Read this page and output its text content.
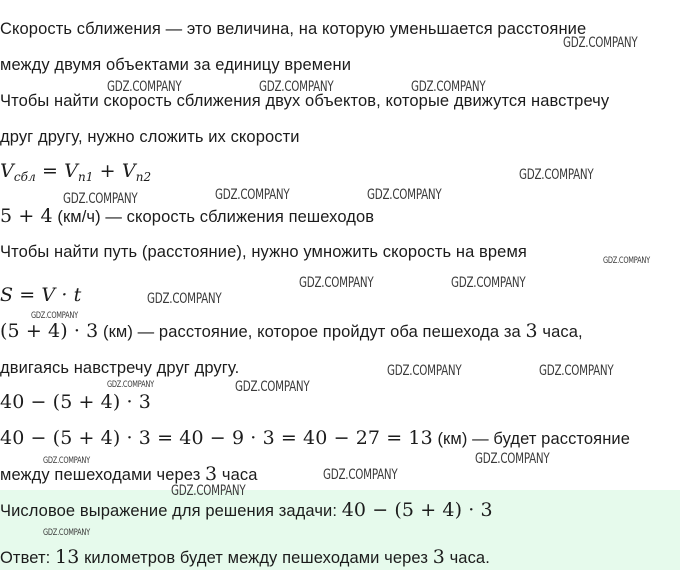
Скорость сближения — это величина, на которую уменьшается расстояние
между двумя объектами за единицу времени
Чтобы найти скорость сближения двух объектов, которые движутся навстречу
друг другу, нужно сложить их скорости
$V_{сбл} = V_{n1} + V_{n2}$
5 + 4 (км/ч) — скорость сближения пешеходов
Чтобы найти путь (расстояние), нужно умножить скорость на время
S = V · t
(5 + 4) · 3 (км) — расстояние, которое пройдут оба пешехода за 3 часа,
двигаясь навстречу друг другу.
40 − (5 + 4) · 3
40 − (5 + 4) · 3 = 40 − 9 · 3 = 40 − 27 = 13 (км) — будет расстояние
между пешеходами через 3 часа
Числовое выражение для решения задачи: 40 − (5 + 4) · 3
Ответ: 13 километров будет между пешеходами через 3 часа.
GDZ.COMPANY
GDZ.COMPANY	GDZ.COMPANY	GDZ.COMPANY
GDZ.COMPANY
GDZ.COMPANY	GDZ.COMPANY	GDZ.COMPANY
GDZ.COMPANY
GDZ.COMPANY	GDZ.COMPANY
GDZ.COMPANY
GDZ.COMPANY
GDZ.COMPANY	GDZ.COMPANY
GDZ.COMPANY	GDZ.COMPANY
GDZ.COMPANY
GDZ.COMPANY
GDZ.COMPANY
GDZ.COMPANY
GDZ.COMPANY
